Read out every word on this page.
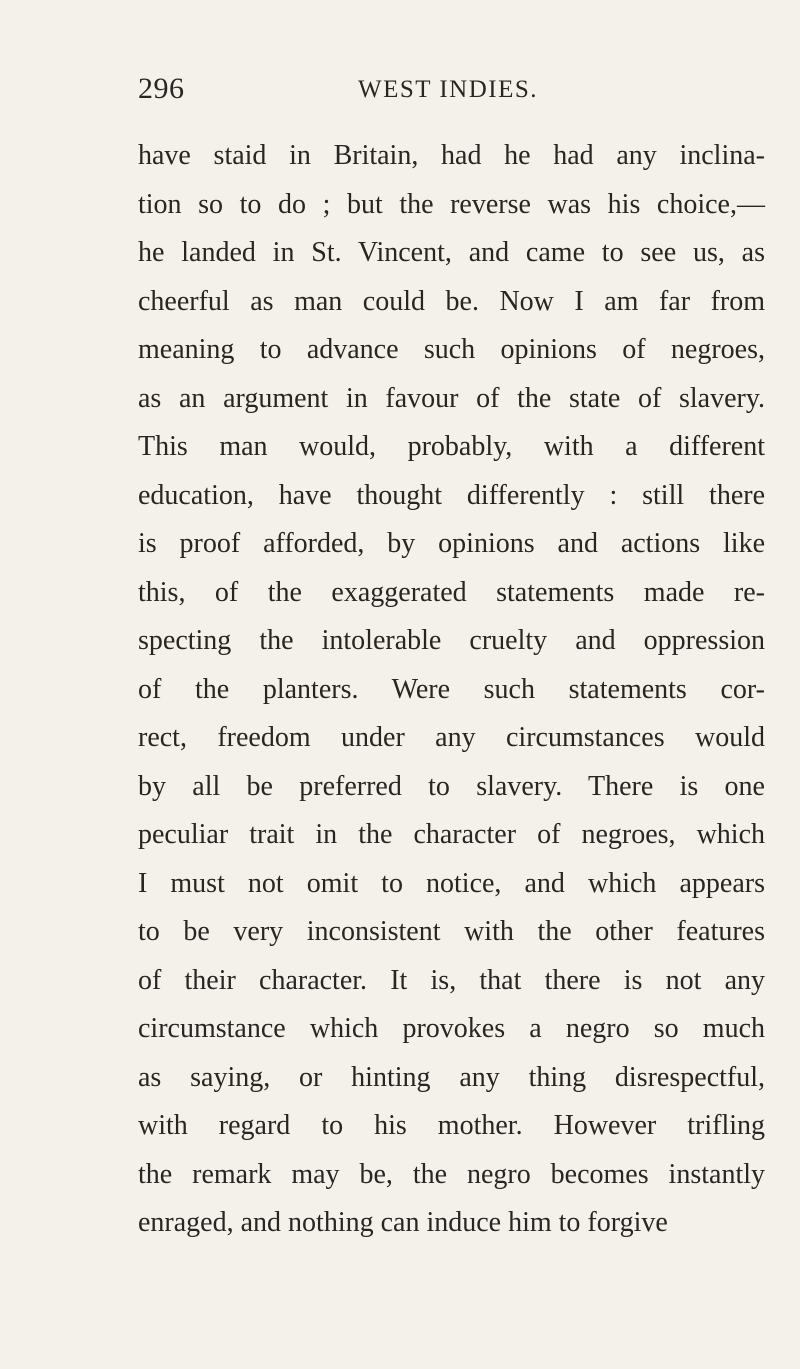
296	WEST INDIES.
have staid in Britain, had he had any inclina-
tion so to do ; but the reverse was his choice,—
he landed in St. Vincent, and came to see us, as
cheerful as man could be. Now I am far from
meaning to advance such opinions of negroes,
as an argument in favour of the state of slavery.
This man would, probably, with a different
education, have thought differently : still there
is proof afforded, by opinions and actions like
this, of the exaggerated statements made re-
specting the intolerable cruelty and oppression
of the planters. Were such statements cor-
rect, freedom under any circumstances would
by all be preferred to slavery. There is one
peculiar trait in the character of negroes, which
I must not omit to notice, and which appears
to be very inconsistent with the other features
of their character. It is, that there is not any
circumstance which provokes a negro so much
as saying, or hinting any thing disrespectful,
with regard to his mother. However trifling
the remark may be, the negro becomes instantly
enraged, and nothing can induce him to forgive
